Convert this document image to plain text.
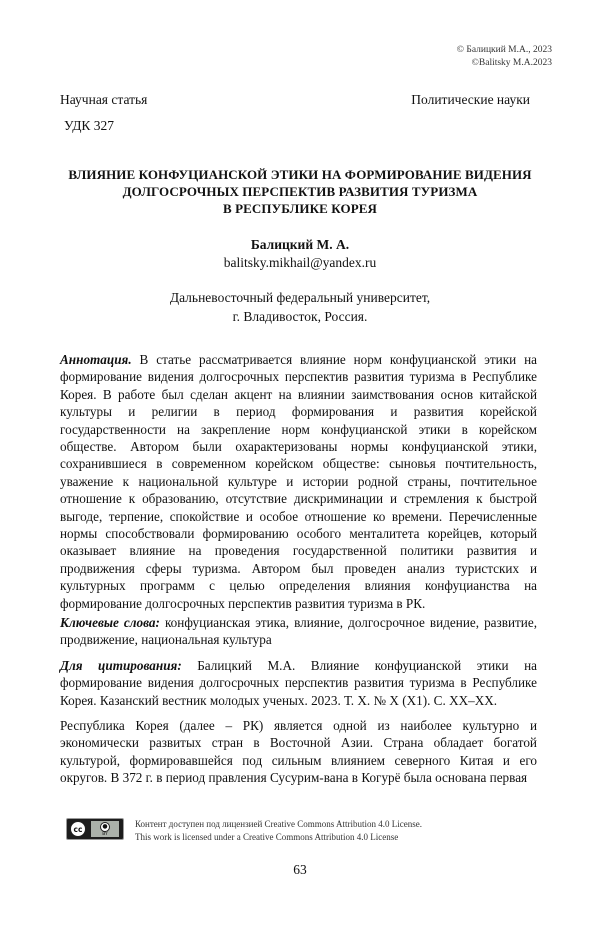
© Балицкий М.А., 2023
©Balitsky M.A.2023
Научная статья	Политические науки
УДК 327
ВЛИЯНИЕ КОНФУЦИАНСКОЙ ЭТИКИ НА ФОРМИРОВАНИЕ ВИДЕНИЯ
ДОЛГОСРОЧНЫХ ПЕРСПЕКТИВ РАЗВИТИЯ ТУРИЗМА
В РЕСПУБЛИКЕ КОРЕЯ
Балицкий М. А.
balitsky.mikhail@yandex.ru
Дальневосточный федеральный университет,
г. Владивосток, Россия.
Аннотация. В статье рассматривается влияние норм конфуцианской этики на формирование видения долгосрочных перспектив развития туризма в Республике Корея. В работе был сделан акцент на влиянии заимствования основ китайской культуры и религии в период формирования и развития корейской государственности на закрепление норм конфуцианской этики в корейском обществе. Автором были охарактеризованы нормы конфуцианской этики, сохранившиеся в современном корейском обществе: сыновья почтительность, уважение к национальной культуре и истории родной страны, почтительное отношение к образованию, отсутствие дискриминации и стремления к быстрой выгоде, терпение, спокойствие и особое отношение ко времени. Перечисленные нормы способствовали формированию особого менталитета корейцев, который оказывает влияние на проведения государственной политики развития и продвижения сферы туризма. Автором был проведен анализ туристских и культурных программ с целью определения влияния конфуцианства на формирование долгосрочных перспектив развития туризма в РК.
Ключевые слова: конфуцианская этика, влияние, долгосрочное видение, развитие, продвижение, национальная культура
Для цитирования: Балицкий М.А. Влияние конфуцианской этики на формирование видения долгосрочных перспектив развития туризма в Республике Корея. Казанский вестник молодых ученых. 2023. Т. Х. № Х (Х1). С. ХХ–ХХ.
Республика Корея (далее – РК) является одной из наиболее культурно и экономически развитых стран в Восточной Азии. Страна обладает богатой культурой, формировавшейся под сильным влиянием северного Китая и его округов. В 372 г. в период правления Сусурим-вана в Когурё была основана первая
cc	●
BY
Контент доступен под лицензией Creative Commons Attribution 4.0 License.
This work is licensed under a Creative Commons Attribution 4.0 License
63
